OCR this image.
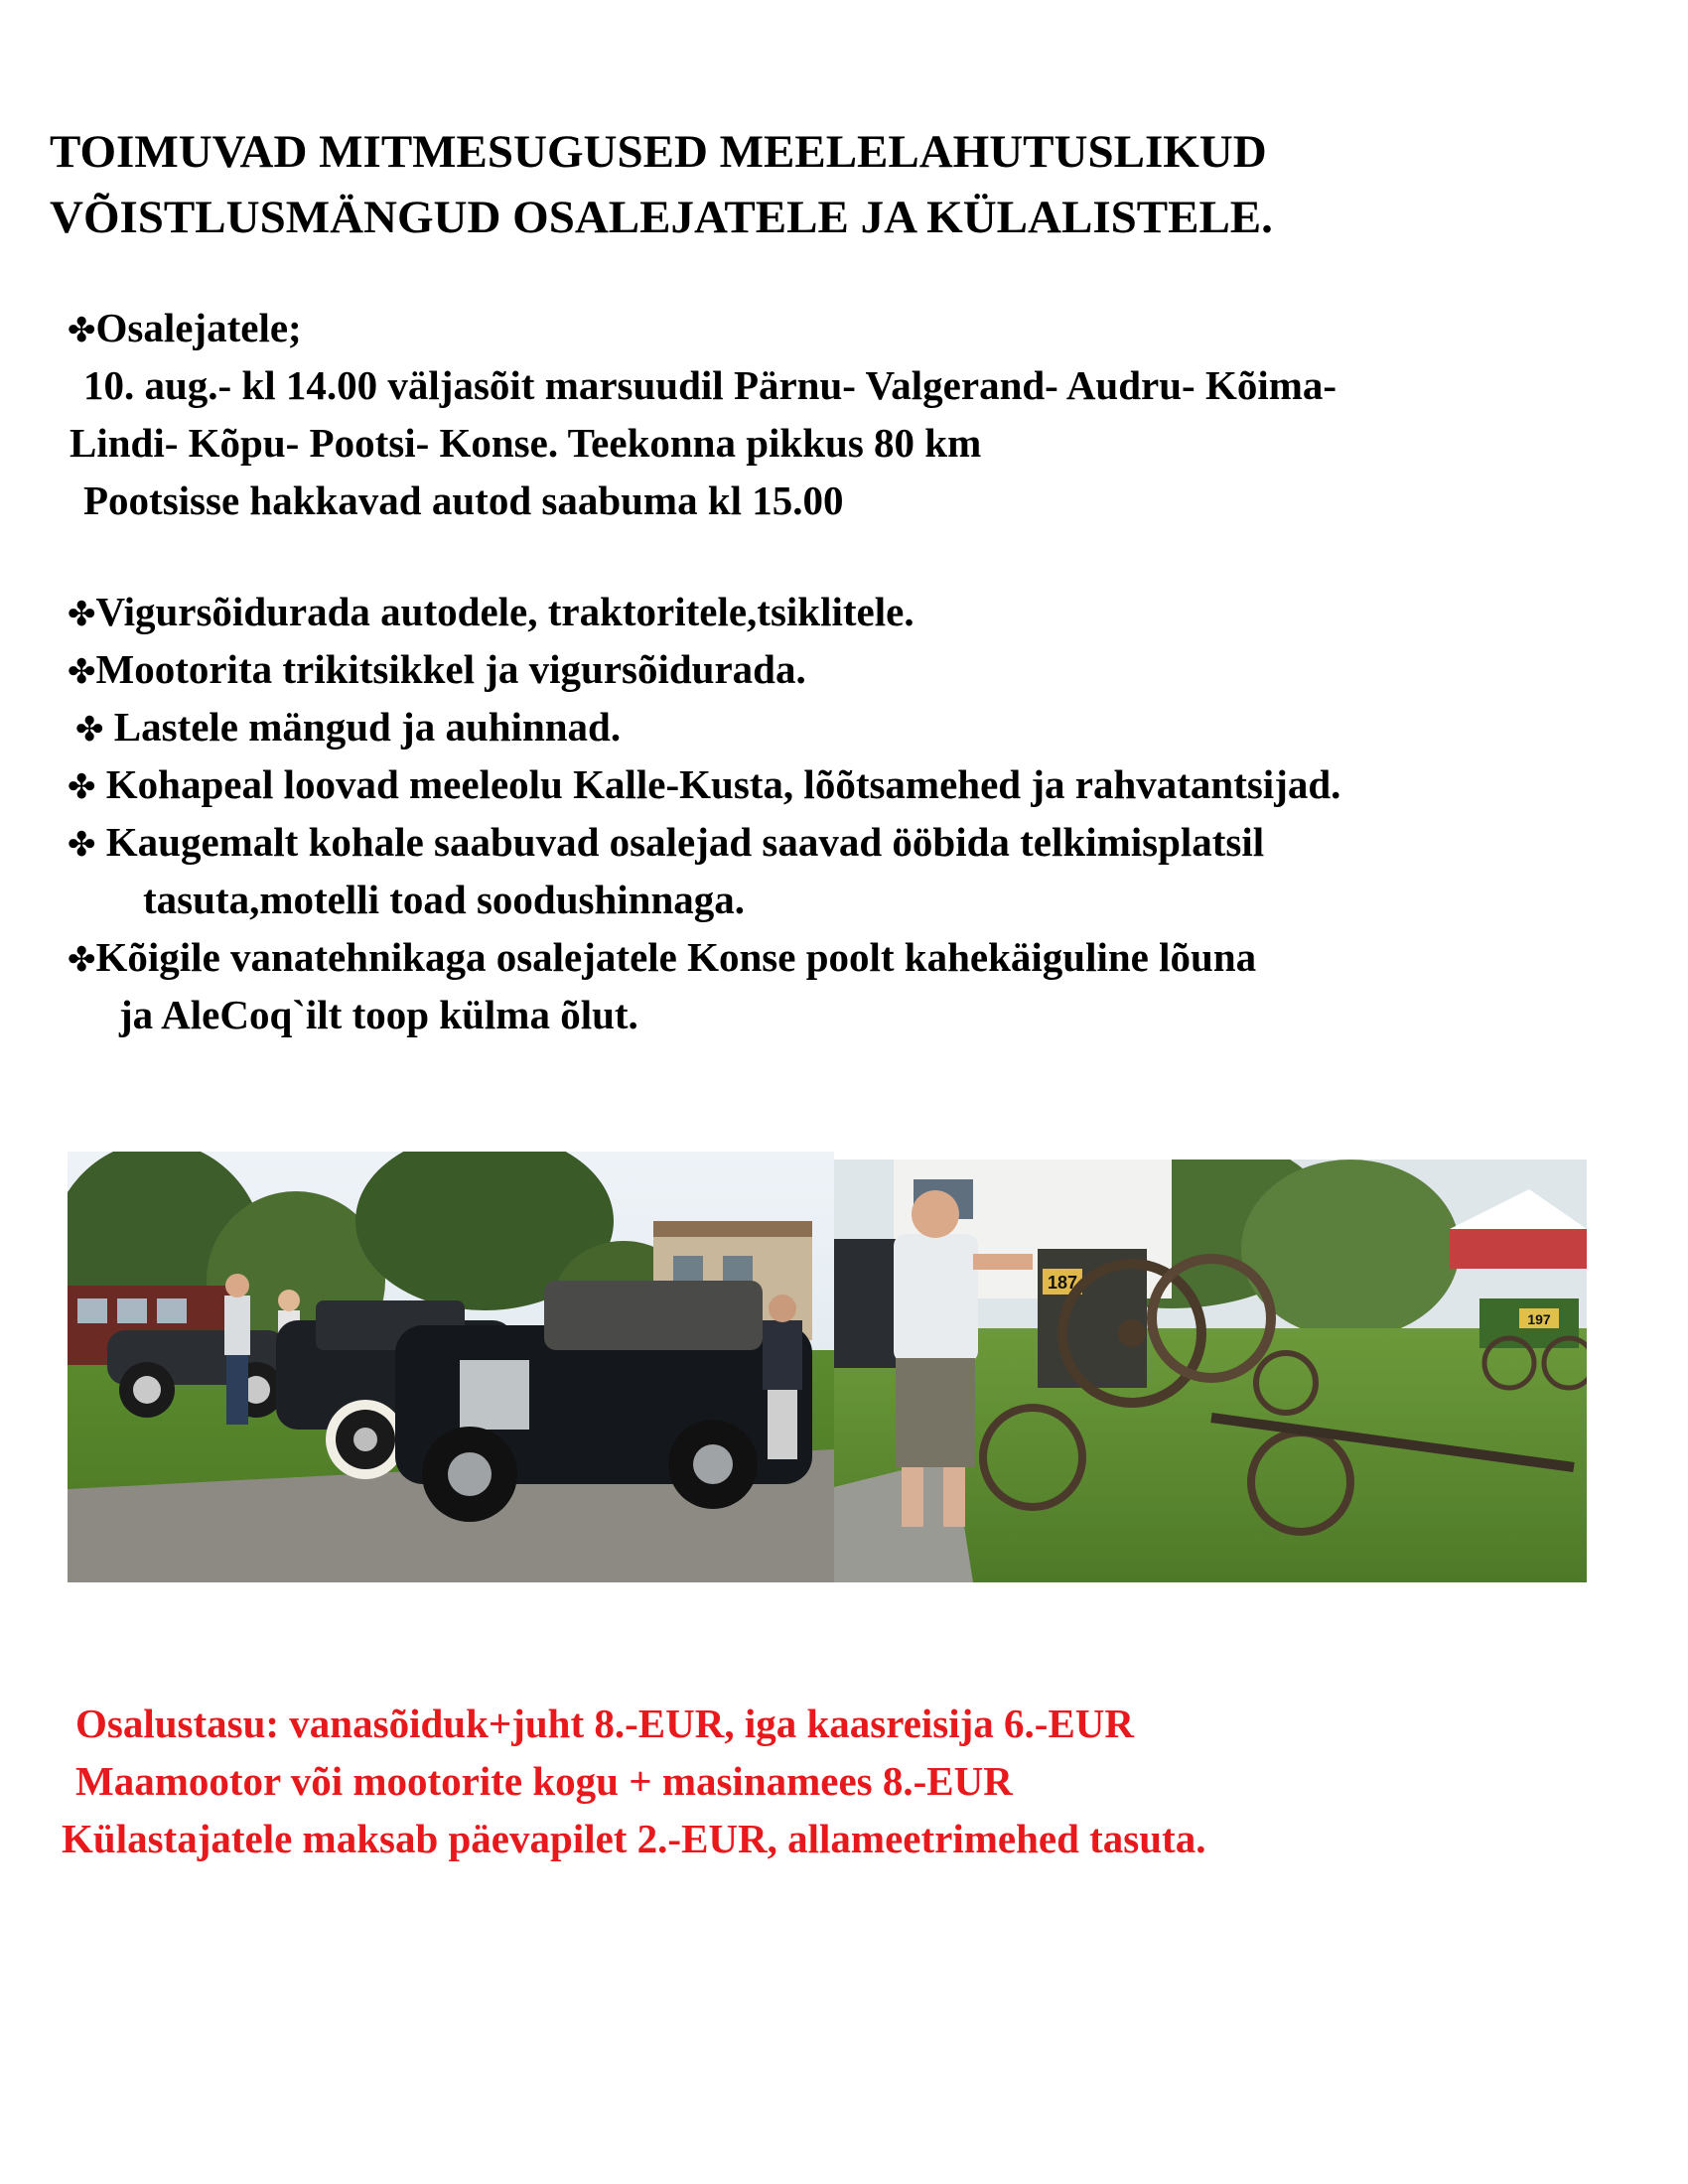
TOIMUVAD MITMESUGUSED MEELELAHUTUSLIKUD
VÕISTLUSMÄNGUD OSALEJATELE JA KÜLALISTELE.
✤Osalejatele;
10. aug.- kl 14.00 väljasõit marsuudil Pärnu- Valgerand- Audru- Kõima-
Lindi- Kõpu- Pootsi- Konse. Teekonna pikkus 80 km
Pootsisse hakkavad autod saabuma kl 15.00
✤Vigursõidurada autodele, traktoritele,tsiklitele.
✤Mootorita trikitsikkel ja vigursõidurada.
✤ Lastele mängud ja auhinnad.
✤ Kohapeal loovad meeleolu Kalle-Kusta, lõõtsamehed ja rahvatantsijad.
✤ Kaugemalt kohale saabuvad osalejad saavad ööbida telkimisplatsil
tasuta,motelli toad soodushinnaga.
✤Kõigile vanatehnikaga osalejatele Konse poolt kahekäiguline lõuna
ja AleCoq`ilt toop külma õlut.
187
197
Osalustasu: vanasõiduk+juht 8.-EUR, iga kaasreisija 6.-EUR
Maamootor või mootorite kogu + masinamees 8.-EUR
Külastajatele maksab päevapilet 2.-EUR, allameetrimehed tasuta.
